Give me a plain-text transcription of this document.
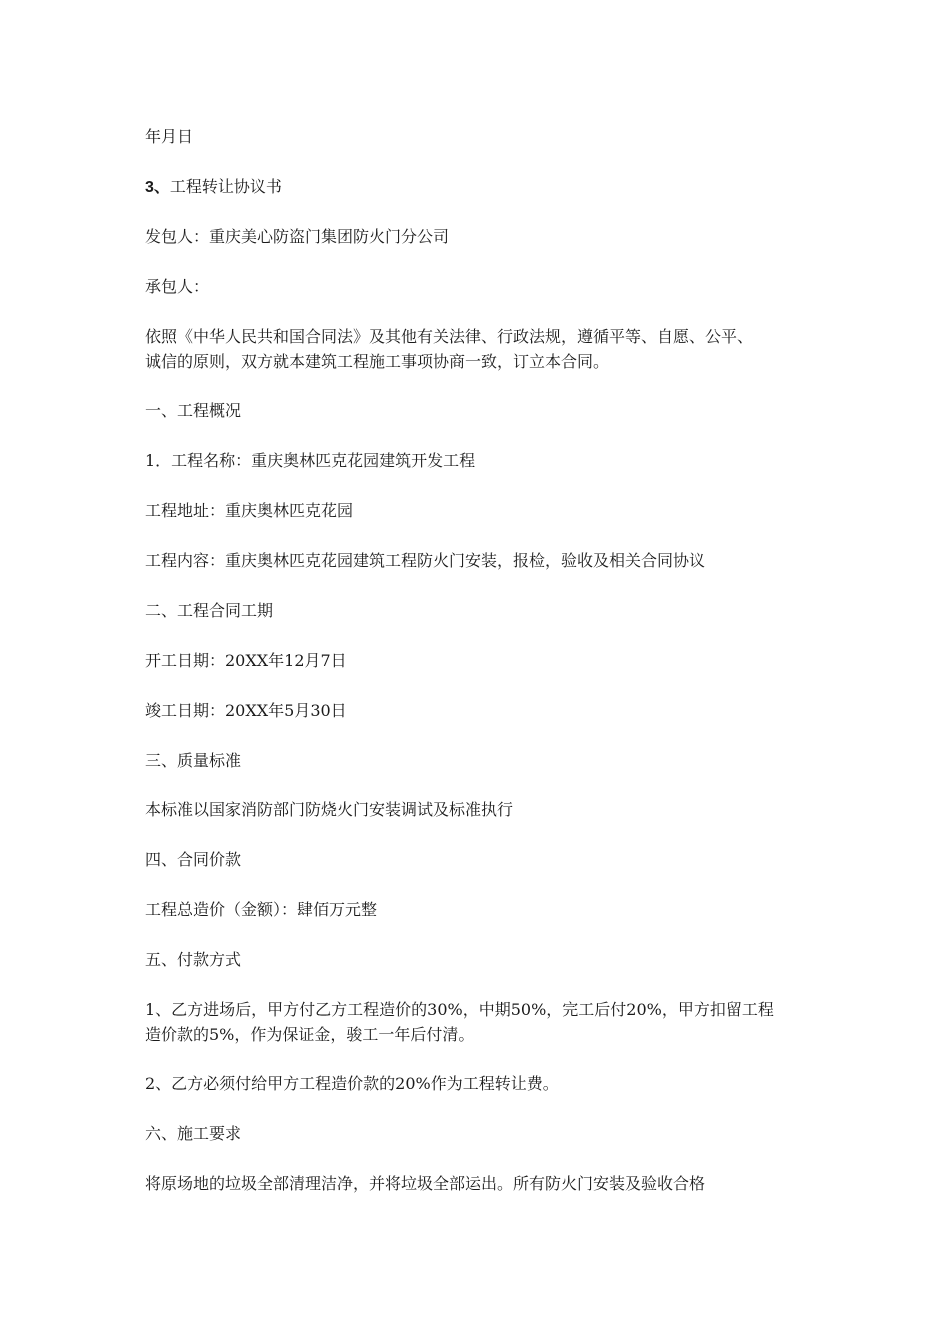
年月日

3、工程转让协议书

发包人：重庆美心防盗门集团防火门分公司

承包人：

依照《中华人民共和国合同法》及其他有关法律、行政法规，遵循平等、自愿、公平、
诚信的原则，双方就本建筑工程施工事项协商一致，订立本合同。

一、工程概况

1．工程名称：重庆奥林匹克花园建筑开发工程

工程地址：重庆奥林匹克花园

工程内容：重庆奥林匹克花园建筑工程防火门安装，报检，验收及相关合同协议

二、工程合同工期

开工日期：20XX年12月7日

竣工日期：20XX年5月30日

三、质量标准

本标准以国家消防部门防烧火门安装调试及标准执行

四、合同价款

工程总造价（金额）：肆佰万元整

五、付款方式

1、乙方进场后，甲方付乙方工程造价的30%，中期50%，完工后付20%，甲方扣留工程
造价款的5%，作为保证金，骏工一年后付清。

2、乙方必须付给甲方工程造价款的20%作为工程转让费。

六、施工要求

将原场地的垃圾全部清理洁净，并将垃圾全部运出。所有防火门安装及验收合格
